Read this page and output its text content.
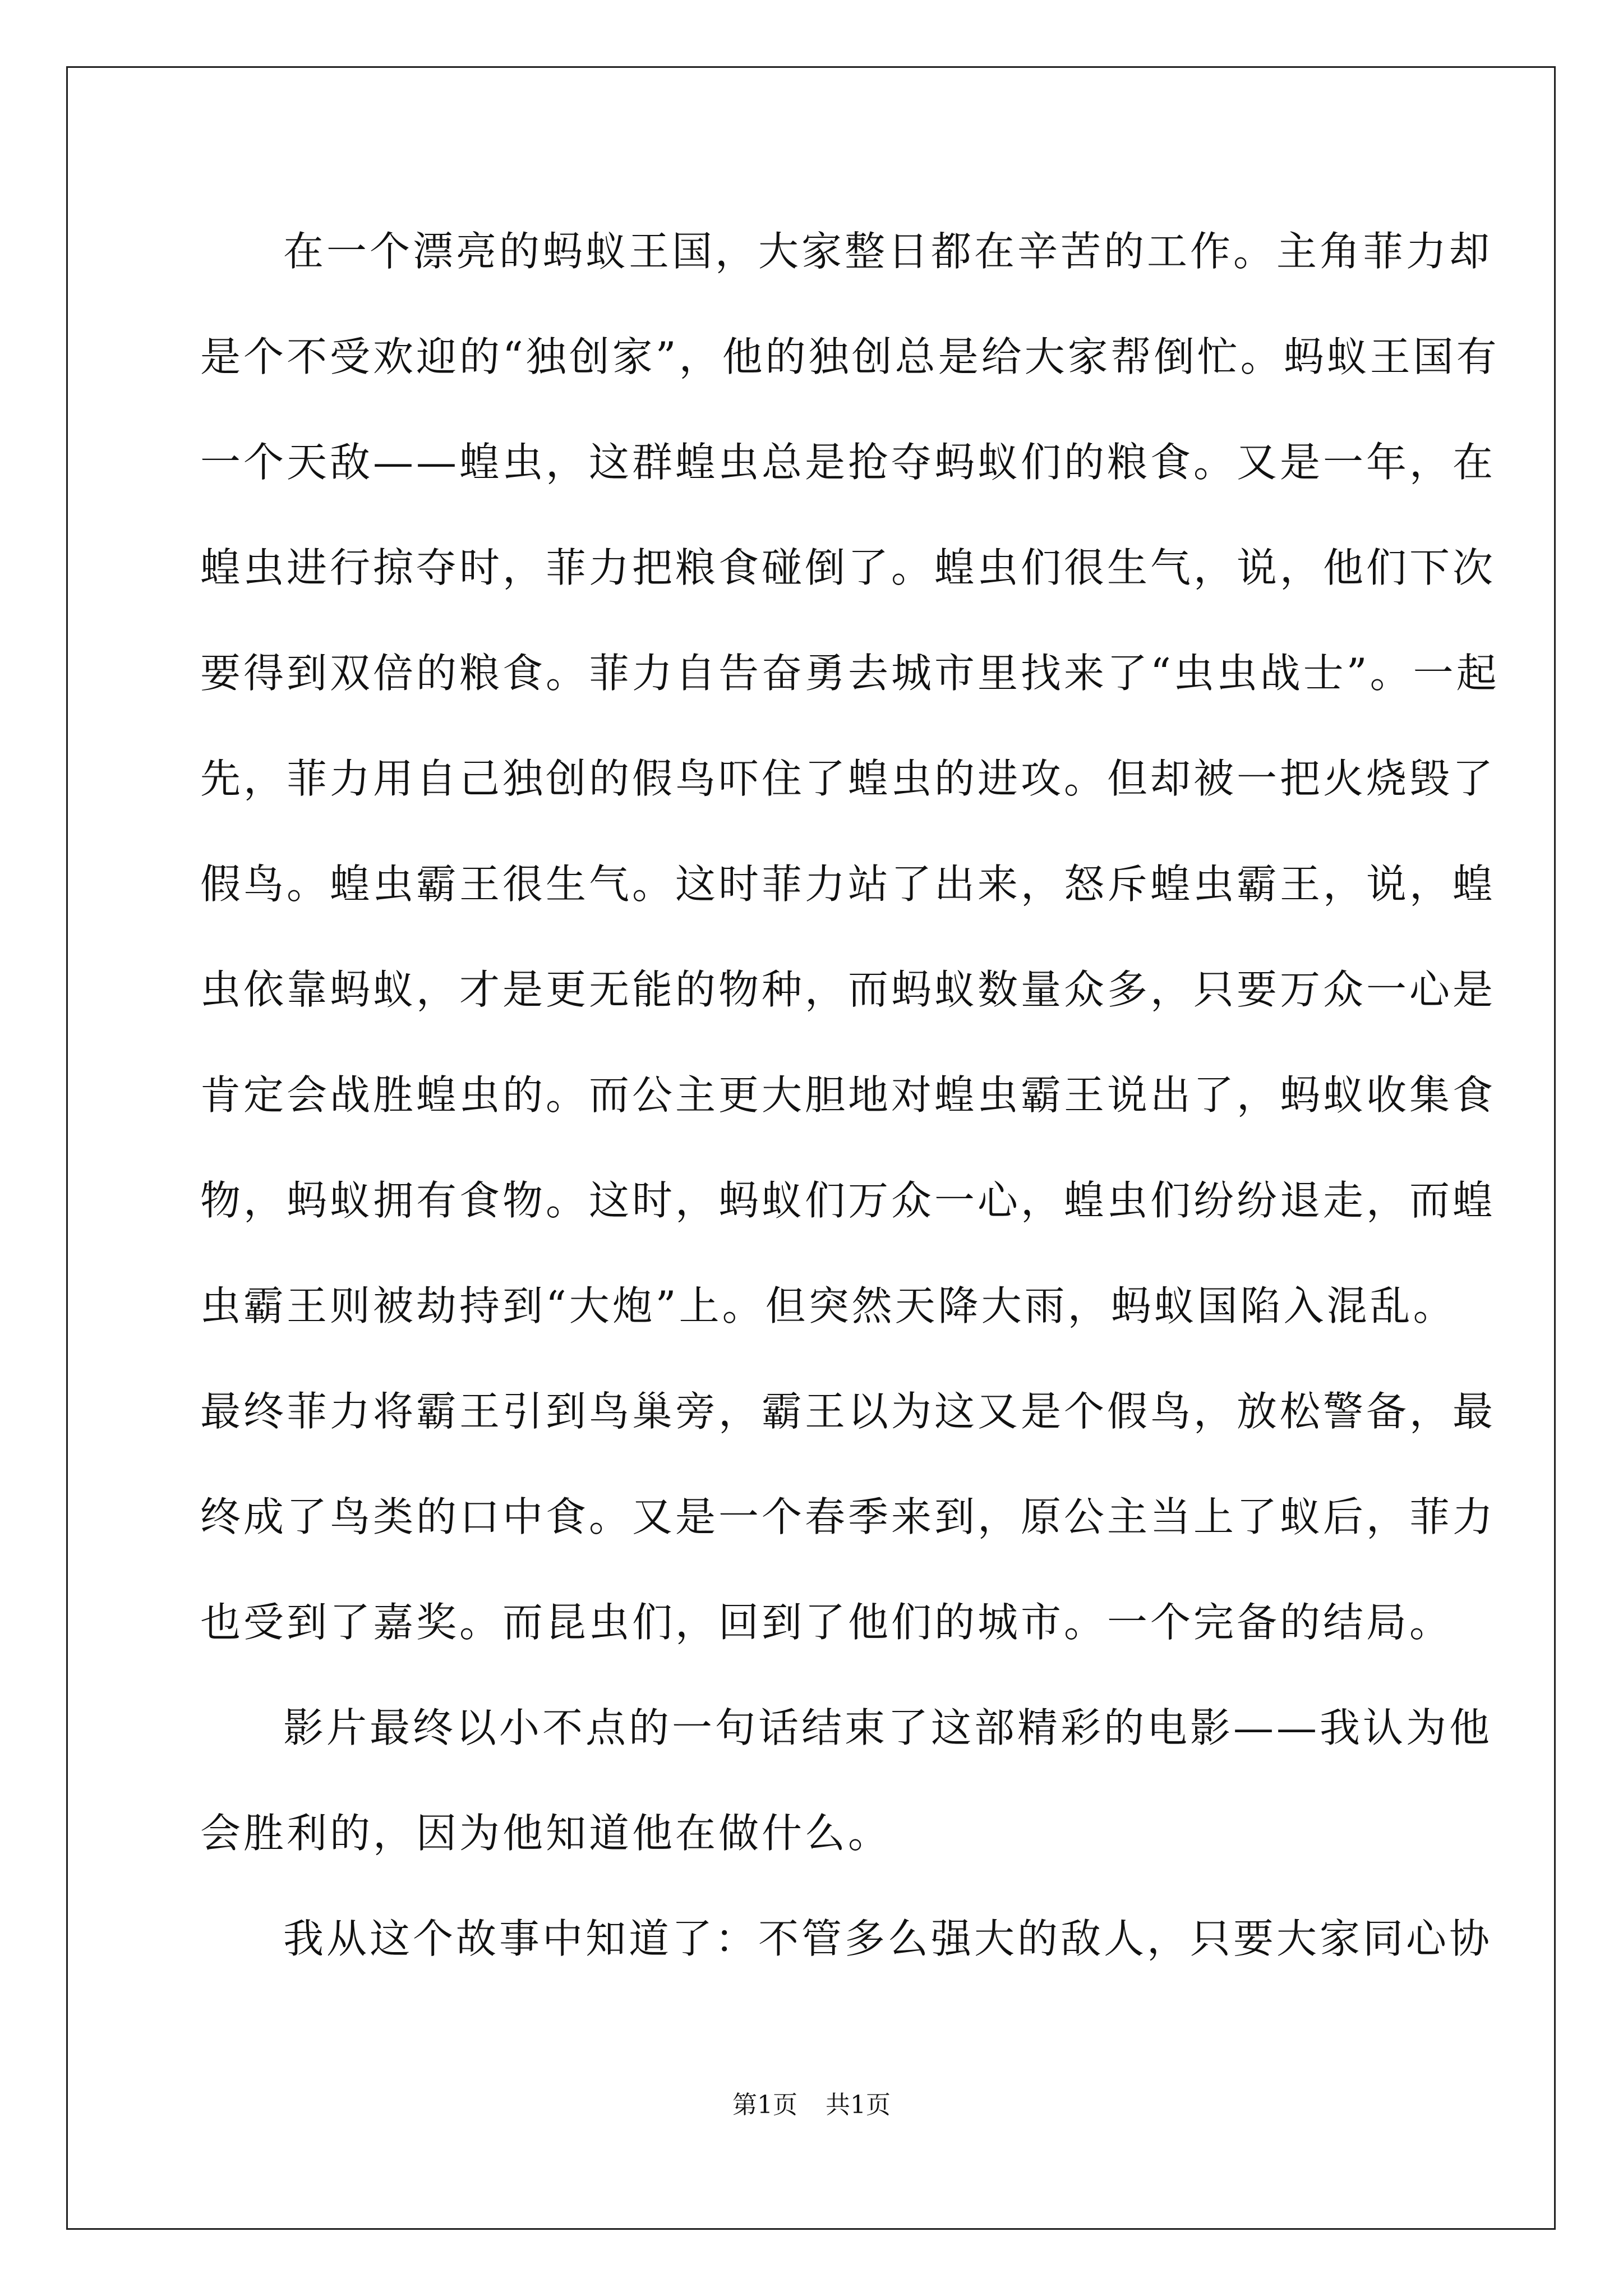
在一个漂亮的蚂蚁王国，大家整日都在辛苦的工作。主角菲力却
是个不受欢迎的“独创家”，他的独创总是给大家帮倒忙。蚂蚁王国有
一个天敌——蝗虫，这群蝗虫总是抢夺蚂蚁们的粮食。又是一年，在
蝗虫进行掠夺时，菲力把粮食碰倒了。蝗虫们很生气，说，他们下次
要得到双倍的粮食。菲力自告奋勇去城市里找来了“虫虫战士”。一起
先，菲力用自己独创的假鸟吓住了蝗虫的进攻。但却被一把火烧毁了
假鸟。蝗虫霸王很生气。这时菲力站了出来，怒斥蝗虫霸王，说，蝗
虫依靠蚂蚁，才是更无能的物种，而蚂蚁数量众多，只要万众一心是
肯定会战胜蝗虫的。而公主更大胆地对蝗虫霸王说出了，蚂蚁收集食
物，蚂蚁拥有食物。这时，蚂蚁们万众一心，蝗虫们纷纷退走，而蝗
虫霸王则被劫持到“大炮”上。但突然天降大雨，蚂蚁国陷入混乱。
最终菲力将霸王引到鸟巢旁，霸王以为这又是个假鸟，放松警备，最
终成了鸟类的口中食。又是一个春季来到，原公主当上了蚁后，菲力
也受到了嘉奖。而昆虫们，回到了他们的城市。一个完备的结局。
影片最终以小不点的一句话结束了这部精彩的电影——我认为他
会胜利的，因为他知道他在做什么。
我从这个故事中知道了：不管多么强大的敌人，只要大家同心协
第1页 共1页
